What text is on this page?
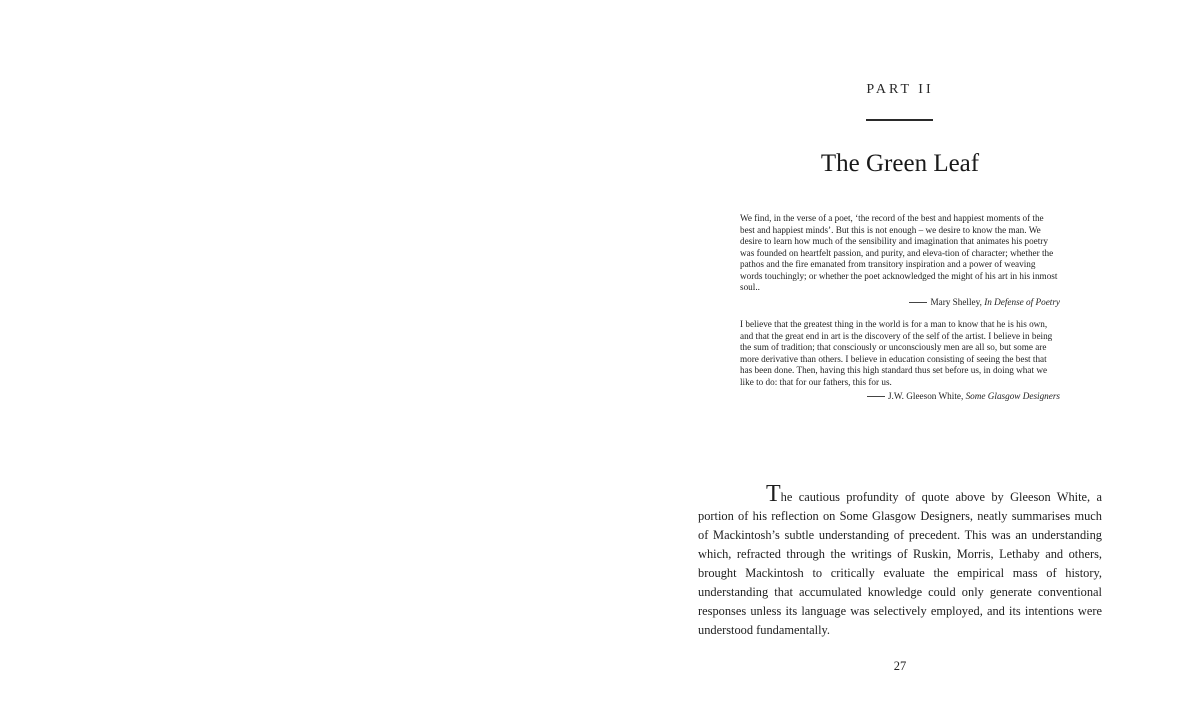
PART II
The Green Leaf

We find, in the verse of a poet, ‘the record of the best and happiest moments of the best and happiest minds’. But this is not enough – we desire to know the man. We desire to learn how much of the sensibility and imagination that animates his poetry was founded on heartfelt passion, and purity, and eleva-tion of character; whether the pathos and the fire emanated from transitory inspiration and a power of weaving words touchingly; or whether the poet acknowledged the might of his art in his inmost soul..

Mary Shelley, In Defense of Poetry

I believe that the greatest thing in the world is for a man to know that he is his own, and that the great end in art is the discovery of the self of the artist. I believe in being the sum of tradition; that consciously or unconsciously men are all so, but some are more derivative than others. I believe in education consisting of seeing the best that has been done. Then, having this high standard thus set before us, in doing what we like to do: that for our fathers, this for us.

J.W. Gleeson White, Some Glasgow Designers

The cautious profundity of quote above by Gleeson White, a portion of his reflection on Some Glasgow Designers, neatly summarises much of Mackintosh’s subtle understanding of precedent. This was an understanding which, refracted through the writings of Ruskin, Morris, Lethaby and others, brought Mackintosh to critically evaluate the empirical mass of history, understanding that accumulated knowledge could only generate conventional responses unless its language was selectively employed, and its intentions were understood fundamentally.

27
